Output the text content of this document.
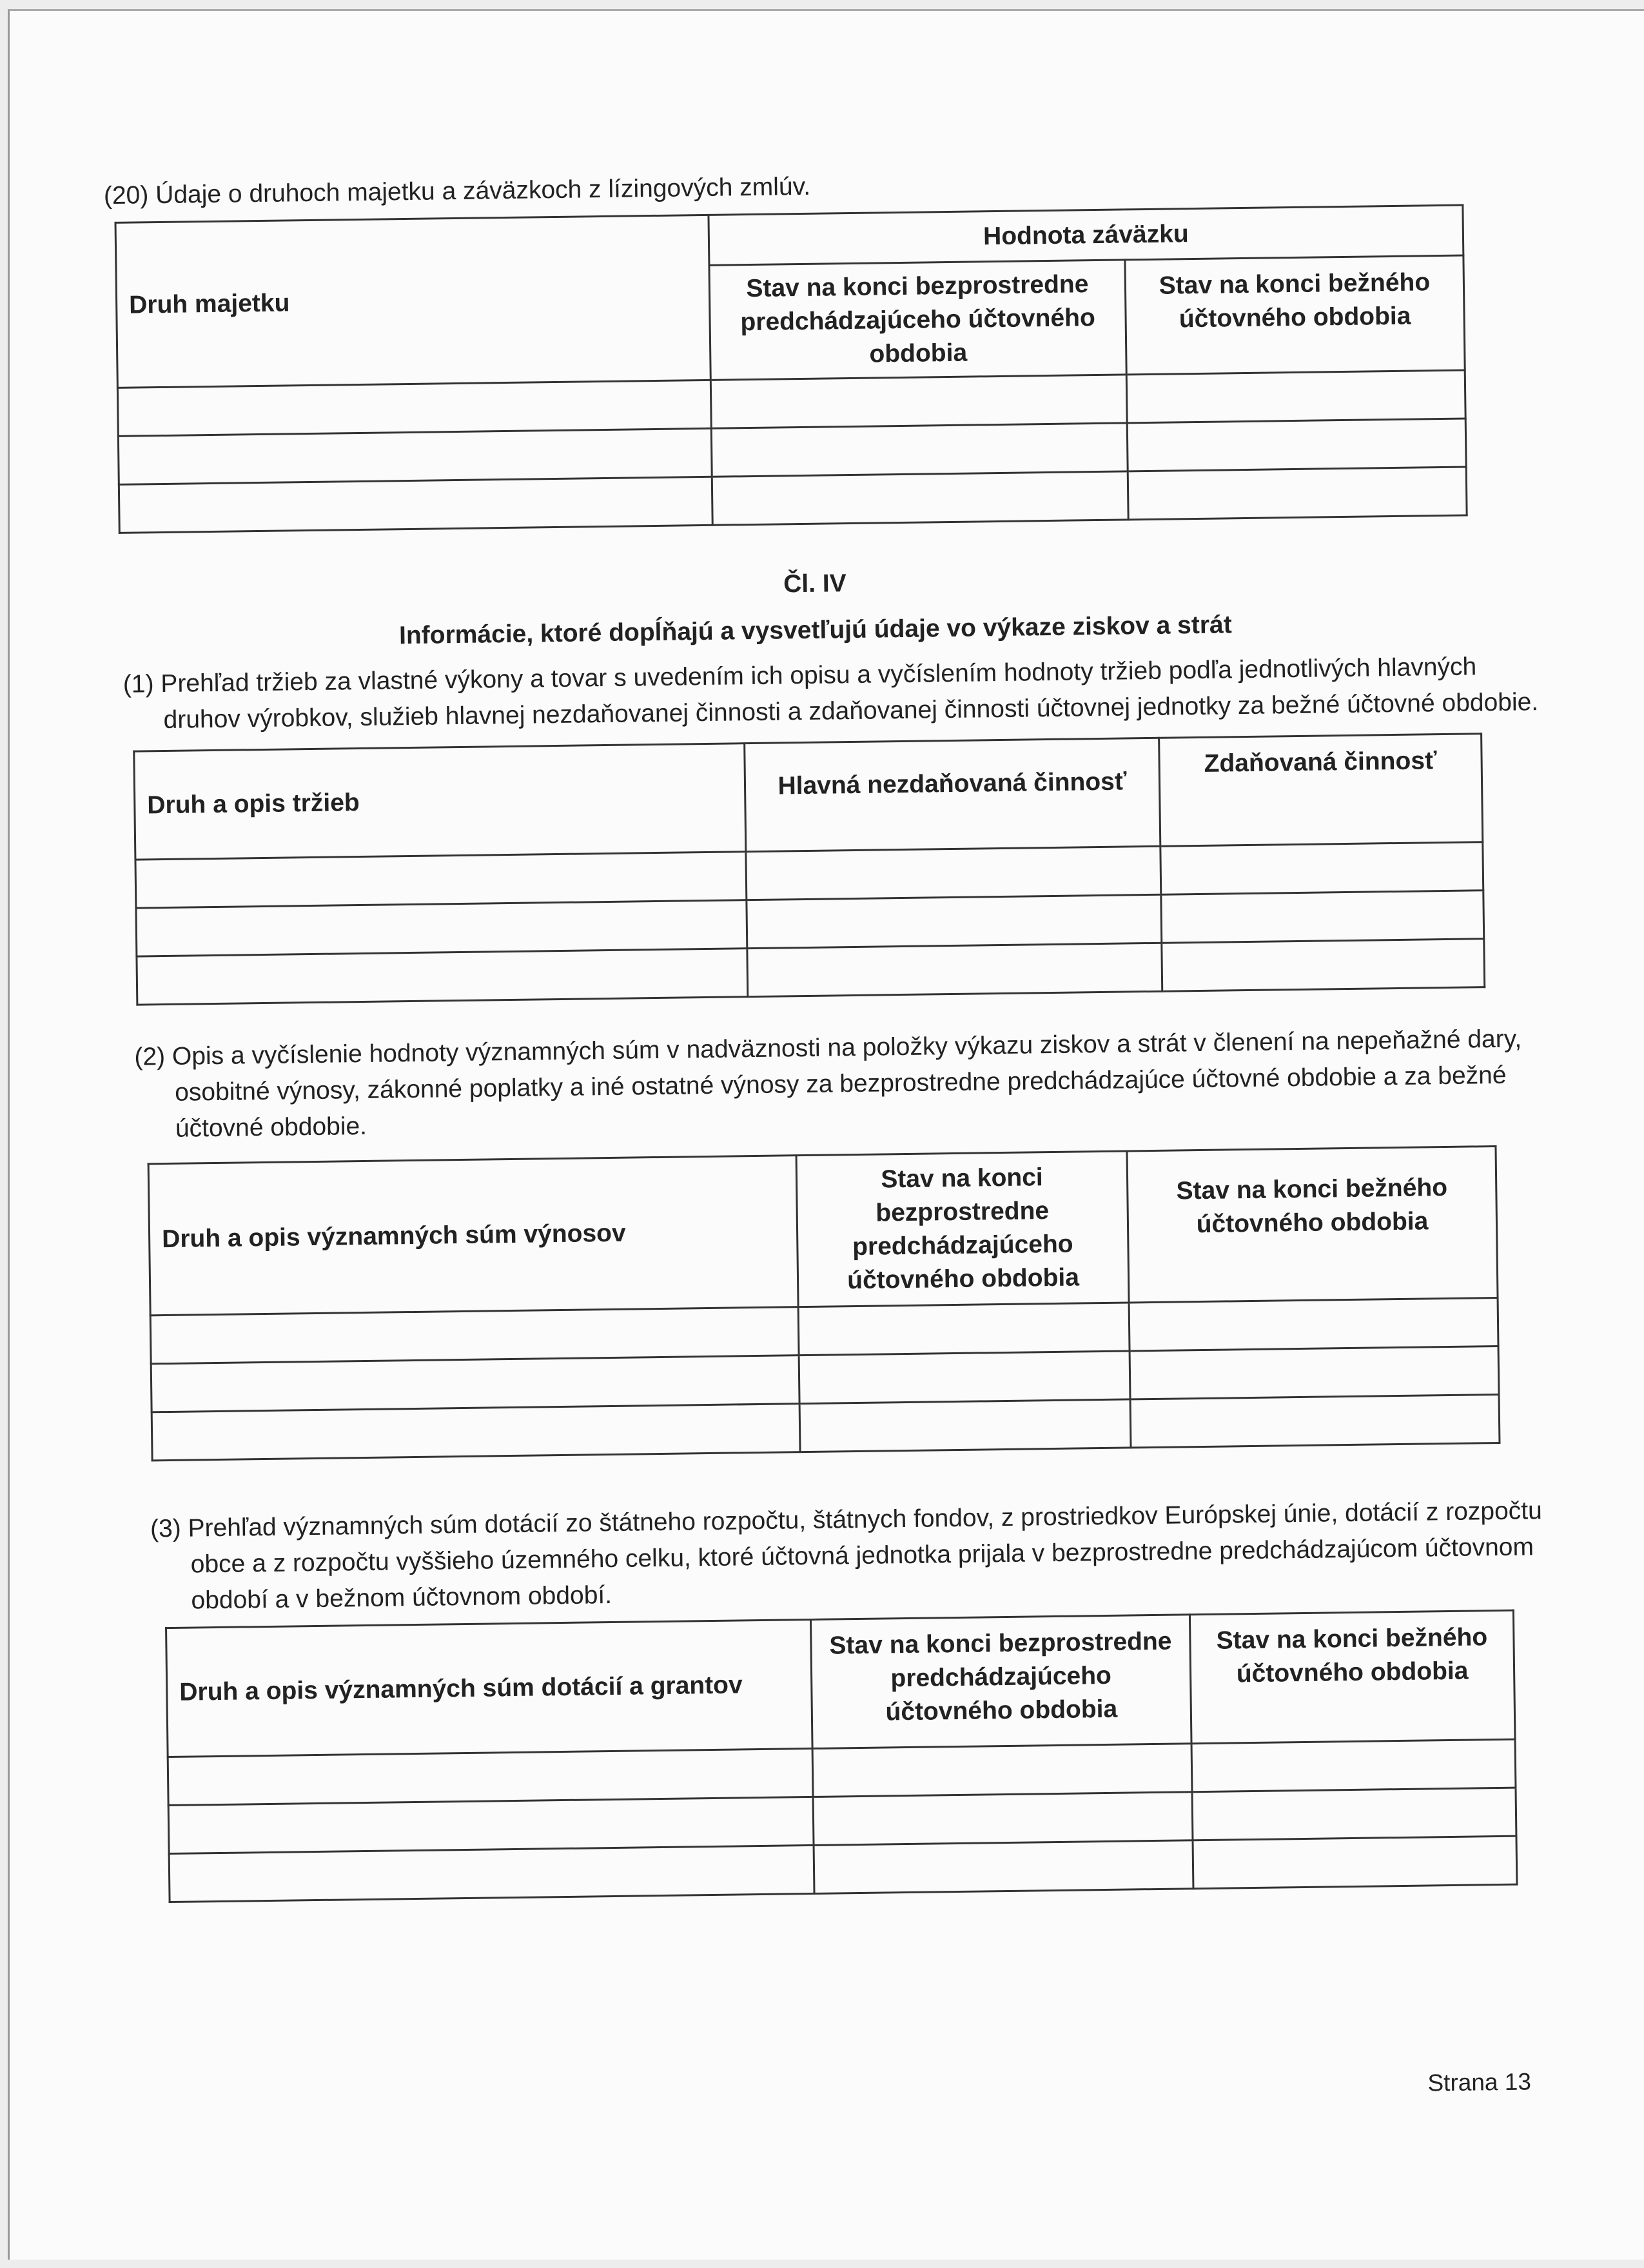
(20) Údaje o druhoch majetku a záväzkoch z lízingových zmlúv.
Druh majetku	Hodnota záväzku	
	Stav na konci bezprostredne predchádzajúceho účtovného obdobia	Stav na konci bežného účtovného obdobia

Čl. IV
Informácie, ktoré dopĺňajú a vysvetľujú údaje vo výkaze ziskov a strát
(1) Prehľad tržieb za vlastné výkony a tovar s uvedením ich opisu a vyčíslením hodnoty tržieb podľa jednotlivých hlavných
druhov výrobkov, služieb hlavnej nezdaňovanej činnosti a zdaňovanej činnosti účtovnej jednotky za bežné účtovné obdobie.
Druh a opis tržieb	Hlavná nezdaňovaná činnosť	Zdaňovaná činnosť

(2) Opis a vyčíslenie hodnoty významných súm v nadväznosti na položky výkazu ziskov a strát v členení na nepeňažné dary,
osobitné výnosy, zákonné poplatky a iné ostatné výnosy za bezprostredne predchádzajúce účtovné obdobie a za bežné
účtovné obdobie.
Druh a opis významných súm výnosov	Stav na konci bezprostredne predchádzajúceho účtovného obdobia	Stav na konci bežného účtovného obdobia

(3) Prehľad významných súm dotácií zo štátneho rozpočtu, štátnych fondov, z prostriedkov Európskej únie, dotácií z rozpočtu
obce a z rozpočtu vyššieho územného celku, ktoré účtovná jednotka prijala v bezprostredne predchádzajúcom účtovnom
období a v bežnom účtovnom období.
Druh a opis významných súm dotácií a grantov	Stav na konci bezprostredne predchádzajúceho účtovného obdobia	Stav na konci bežného účtovného obdobia

Strana 13
